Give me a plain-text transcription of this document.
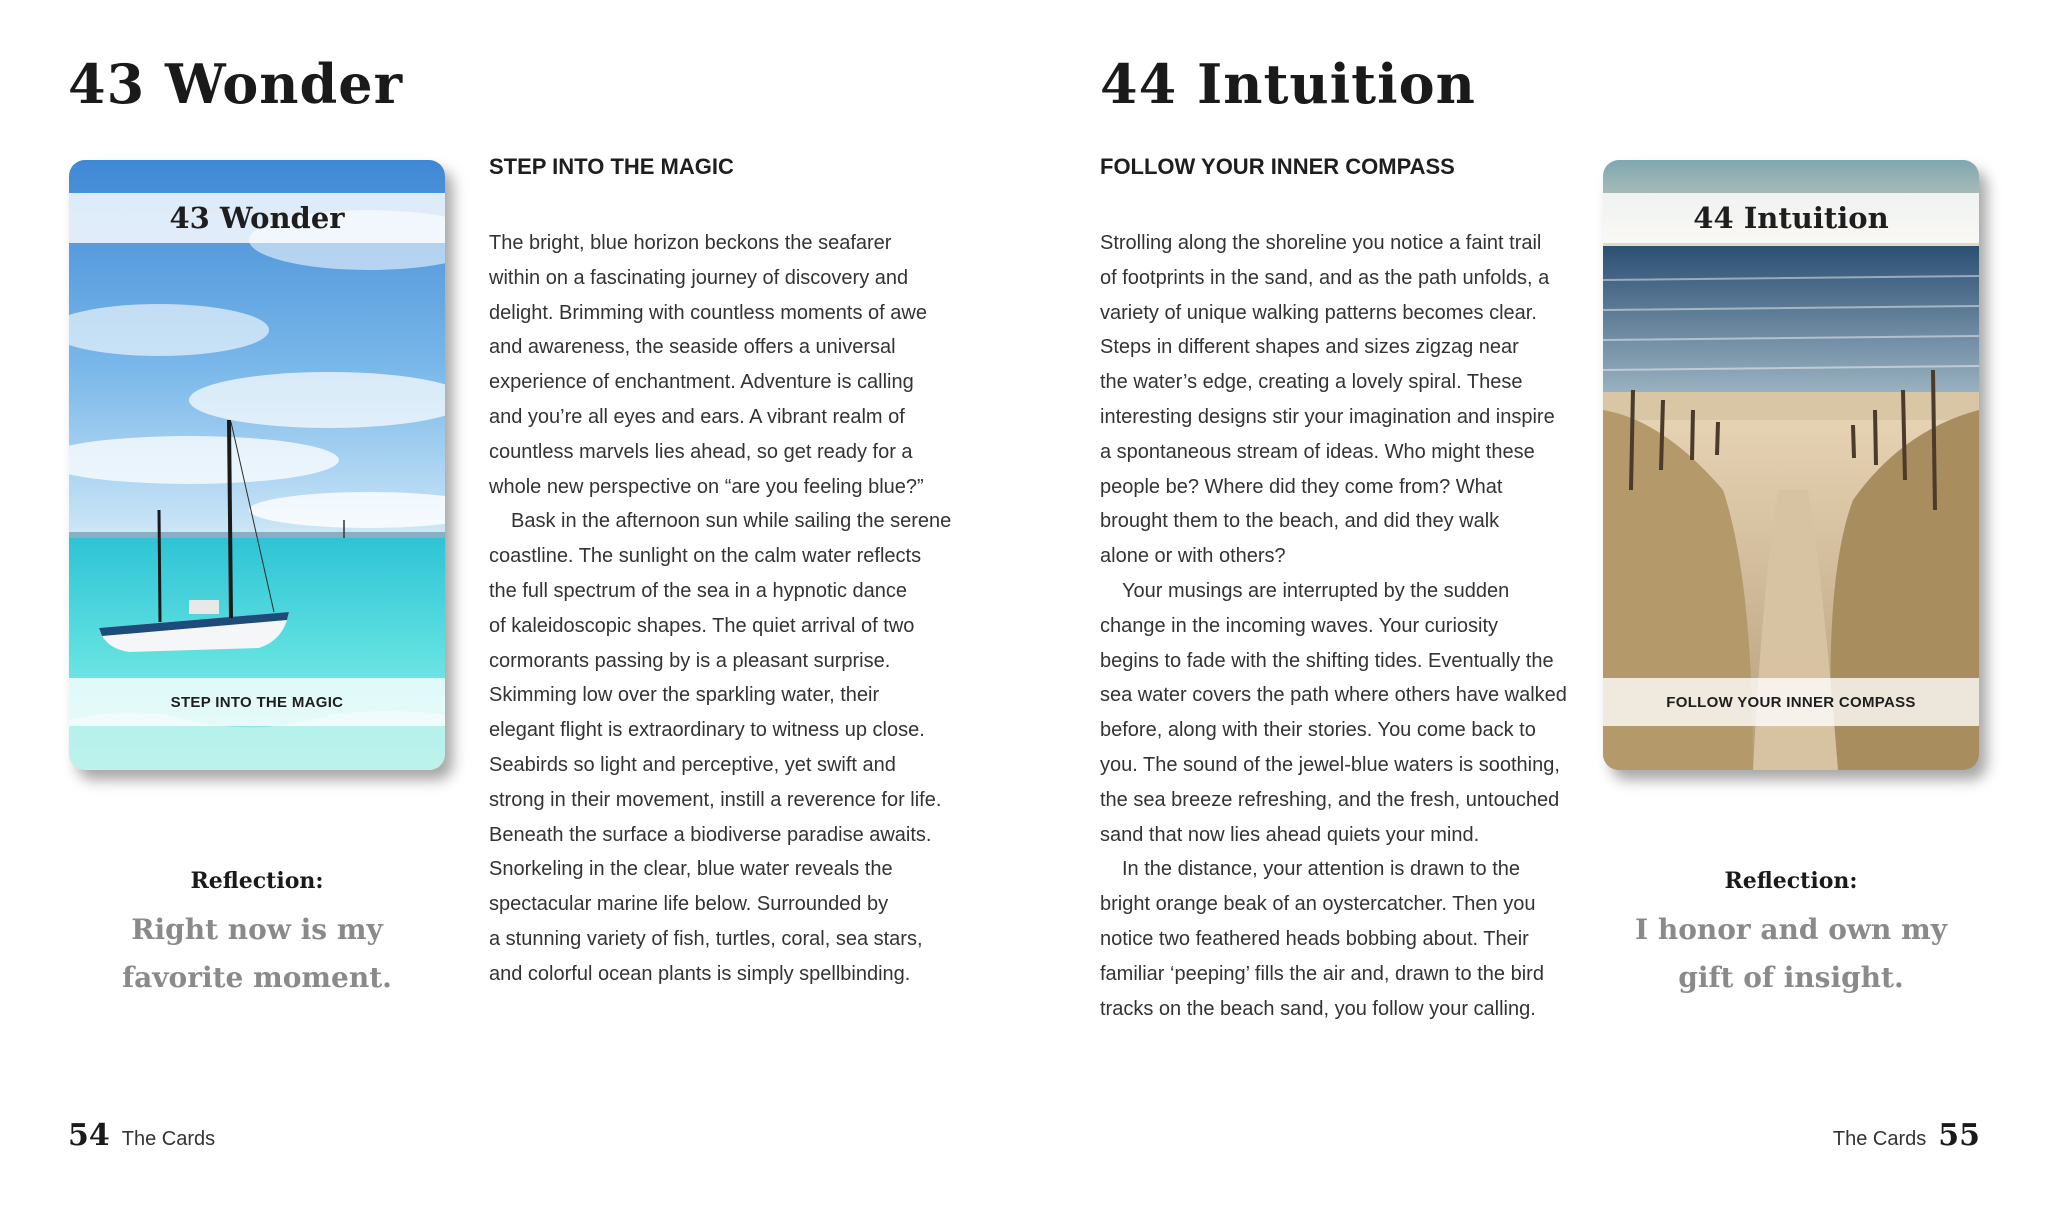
43 Wonder	44 Intuition
43 Wonder
STEP INTO THE MAGIC
44 Intuition
FOLLOW YOUR INNER COMPASS
STEP INTO THE MAGIC	FOLLOW YOUR INNER COMPASS

The bright, blue horizon beckons the seafarer

within on a fascinating journey of discovery and

delight. Brimming with countless moments of awe

and awareness, the seaside offers a universal

experience of enchantment. Adventure is calling

and you’re all eyes and ears. A vibrant realm of

countless marvels lies ahead, so get ready for a

whole new perspective on “are you feeling blue?”

Bask in the afternoon sun while sailing the serene

coastline. The sunlight on the calm water reflects

the full spectrum of the sea in a hypnotic dance

of kaleidoscopic shapes. The quiet arrival of two

cormorants passing by is a pleasant surprise.

Skimming low over the sparkling water, their

elegant flight is extraordinary to witness up close.

Seabirds so light and perceptive, yet swift and

strong in their movement, instill a reverence for life.

Beneath the surface a biodiverse paradise awaits.

Snorkeling in the clear, blue water reveals the

spectacular marine life below. Surrounded by

a stunning variety of fish, turtles, coral, sea stars,

and colorful ocean plants is simply spellbinding.

Strolling along the shoreline you notice a faint trail

of footprints in the sand, and as the path unfolds, a

variety of unique walking patterns becomes clear.

Steps in different shapes and sizes zigzag near

the water’s edge, creating a lovely spiral. These

interesting designs stir your imagination and inspire

a spontaneous stream of ideas. Who might these

people be? Where did they come from? What

brought them to the beach, and did they walk

alone or with others?

Your musings are interrupted by the sudden

change in the incoming waves. Your curiosity

begins to fade with the shifting tides. Eventually the

sea water covers the path where others have walked

before, along with their stories. You come back to

you. The sound of the jewel-blue waters is soothing,

the sea breeze refreshing, and the fresh, untouched

sand that now lies ahead quiets your mind.

In the distance, your attention is drawn to the

bright orange beak of an oystercatcher. Then you

notice two feathered heads bobbing about. Their

familiar ‘peeping’ fills the air and, drawn to the bird

tracks on the beach sand, you follow your calling.

Reflection:
Right now is my
favorite moment.
Reflection:
I honor and own my
gift of insight.
54 The Cards	The Cards 55
